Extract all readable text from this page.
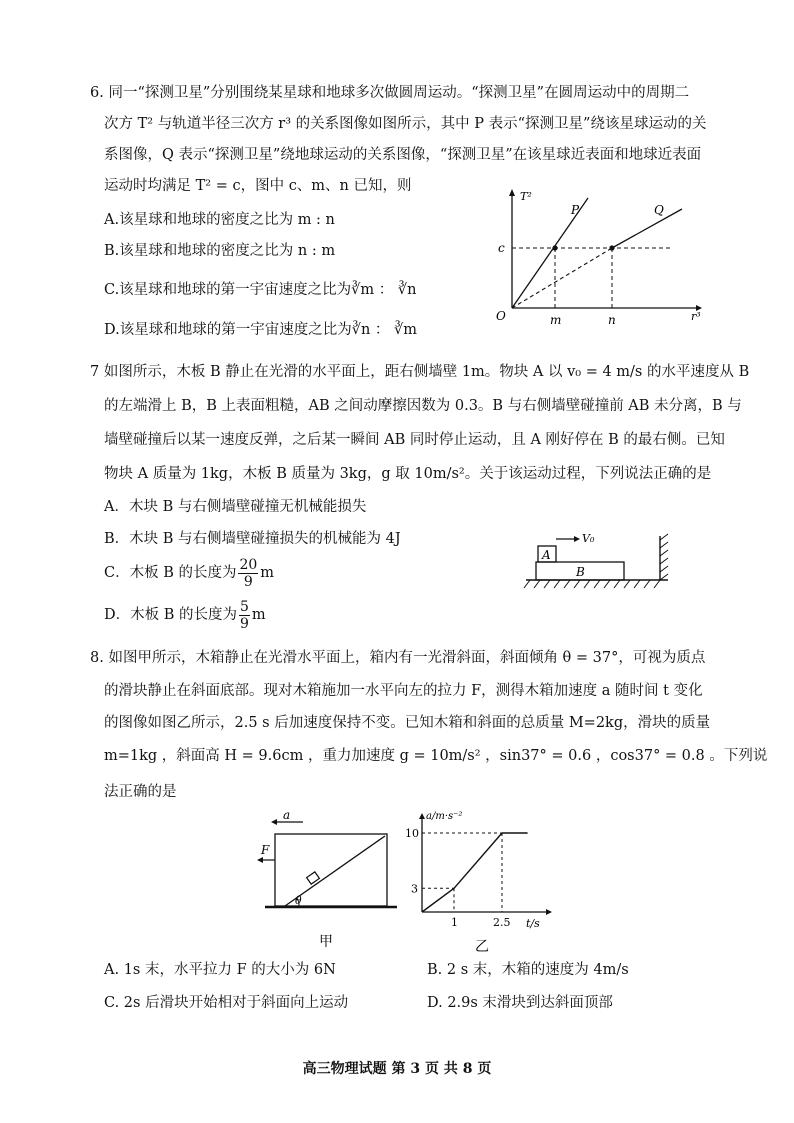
6. 同一“探测卫星”分别围绕某星球和地球多次做圆周运动。“探测卫星”在圆周运动中的周期二
次方 T² 与轨道半径三次方 r³ 的关系图像如图所示，其中 P 表示“探测卫星”绕该星球运动的关
系图像，Q 表示“探测卫星”绕地球运动的关系图像，“探测卫星”在该星球近表面和地球近表面
运动时均满足 T² = c，图中 c、m、n 已知，则
A.该星球和地球的密度之比为 m : n
B.该星球和地球的密度之比为 n : m
C.该星球和地球的第一宇宙速度之比为∛m ： ∛n
D.该星球和地球的第一宇宙速度之比为∛n ： ∛m
T²
r³
O
P	Q
c
m	n
7 如图所示，木板 B 静止在光滑的水平面上，距右侧墙壁 1m。物块 A 以 v₀ = 4 m/s 的水平速度从 B
的左端滑上 B，B 上表面粗糙，AB 之间动摩擦因数为 0.3。B 与右侧墙壁碰撞前 AB 未分离，B 与
墙壁碰撞后以某一速度反弹，之后某一瞬间 AB 同时停止运动，且 A 刚好停在 B 的最右侧。已知
物块 A 质量为 1kg，木板 B 质量为 3kg，g 取 10m/s²。关于该运动过程，下列说法正确的是
A．木块 B 与右侧墙壁碰撞无机械能损失
B．木块 B 与右侧墙壁碰撞损失的机械能为 4J
C．木板 B 的长度为 $\frac{20}{9}$ m
D．木板 B 的长度为 $\frac{5}{9}$ m
B
A
V₀
8. 如图甲所示，木箱静止在光滑水平面上，箱内有一光滑斜面，斜面倾角 θ = 37°，可视为质点
的滑块静止在斜面底部。现对木箱施加一水平向左的拉力 F，测得木箱加速度 a 随时间 t 变化
的图像如图乙所示，2.5 s 后加速度保持不变。已知木箱和斜面的总质量 M=2kg，滑块的质量
m=1kg ，斜面高 H = 9.6cm ，重力加速度 g = 10m/s² ，sin37° = 0.6 ，cos37° = 0.8 。下列说
法正确的是
a
F
θ
甲
a/m·s⁻²
t/s
1	2.5
3
10
乙
A. 1s 末，水平拉力 F 的大小为 6N	B. 2 s 末，木箱的速度为 4m/s
C. 2s 后滑块开始相对于斜面向上运动	D. 2.9s 末滑块到达斜面顶部
高三物理试题 第 3 页 共 8 页
